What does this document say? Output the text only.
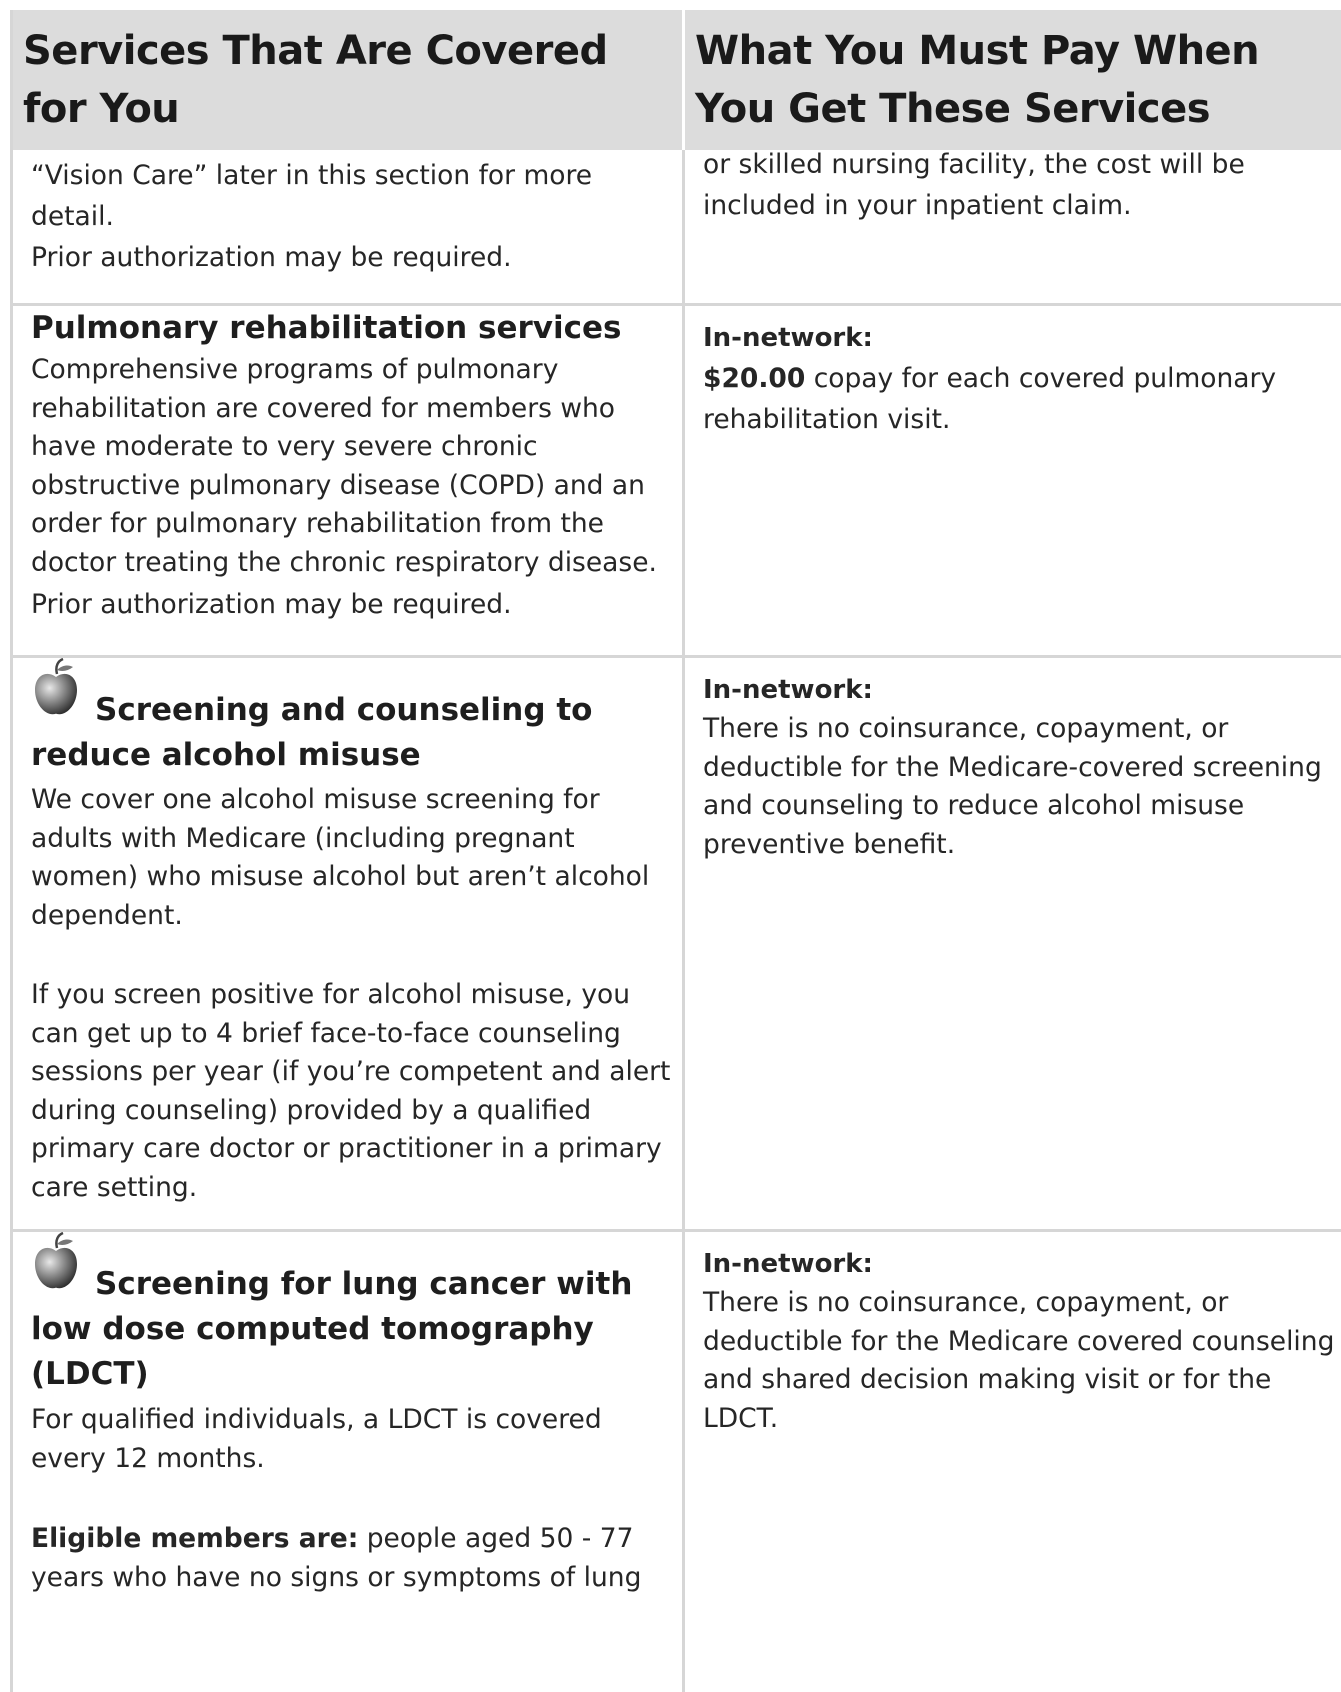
Services That Are Covered for You
What You Must Pay When You Get These Services

“Vision Care” later in this section for more detail.

Prior authorization may be required.

or skilled nursing facility, the cost will be included in your inpatient claim.

Pulmonary rehabilitation services

Comprehensive programs of pulmonary rehabilitation are covered for members who have moderate to very severe chronic obstructive pulmonary disease (COPD) and an order for pulmonary rehabilitation from the doctor treating the chronic respiratory disease.

Prior authorization may be required.

In-network:

$20.00 copay for each covered pulmonary rehabilitation visit.

Screening and counseling to reduce alcohol misuse

We cover one alcohol misuse screening for adults with Medicare (including pregnant women) who misuse alcohol but aren’t alcohol dependent.

If you screen positive for alcohol misuse, you can get up to 4 brief face-to-face counseling sessions per year (if you’re competent and alert during counseling) provided by a qualified primary care doctor or practitioner in a primary care setting.

In-network:

There is no coinsurance, copayment, or deductible for the Medicare-covered screening and counseling to reduce alcohol misuse preventive benefit.

Screening for lung cancer with low dose computed tomography (LDCT)

For qualified individuals, a LDCT is covered every 12 months.

Eligible members are: people aged 50 - 77 years who have no signs or symptoms of lung

In-network:

There is no coinsurance, copayment, or deductible for the Medicare covered counseling and shared decision making visit or for the LDCT.
